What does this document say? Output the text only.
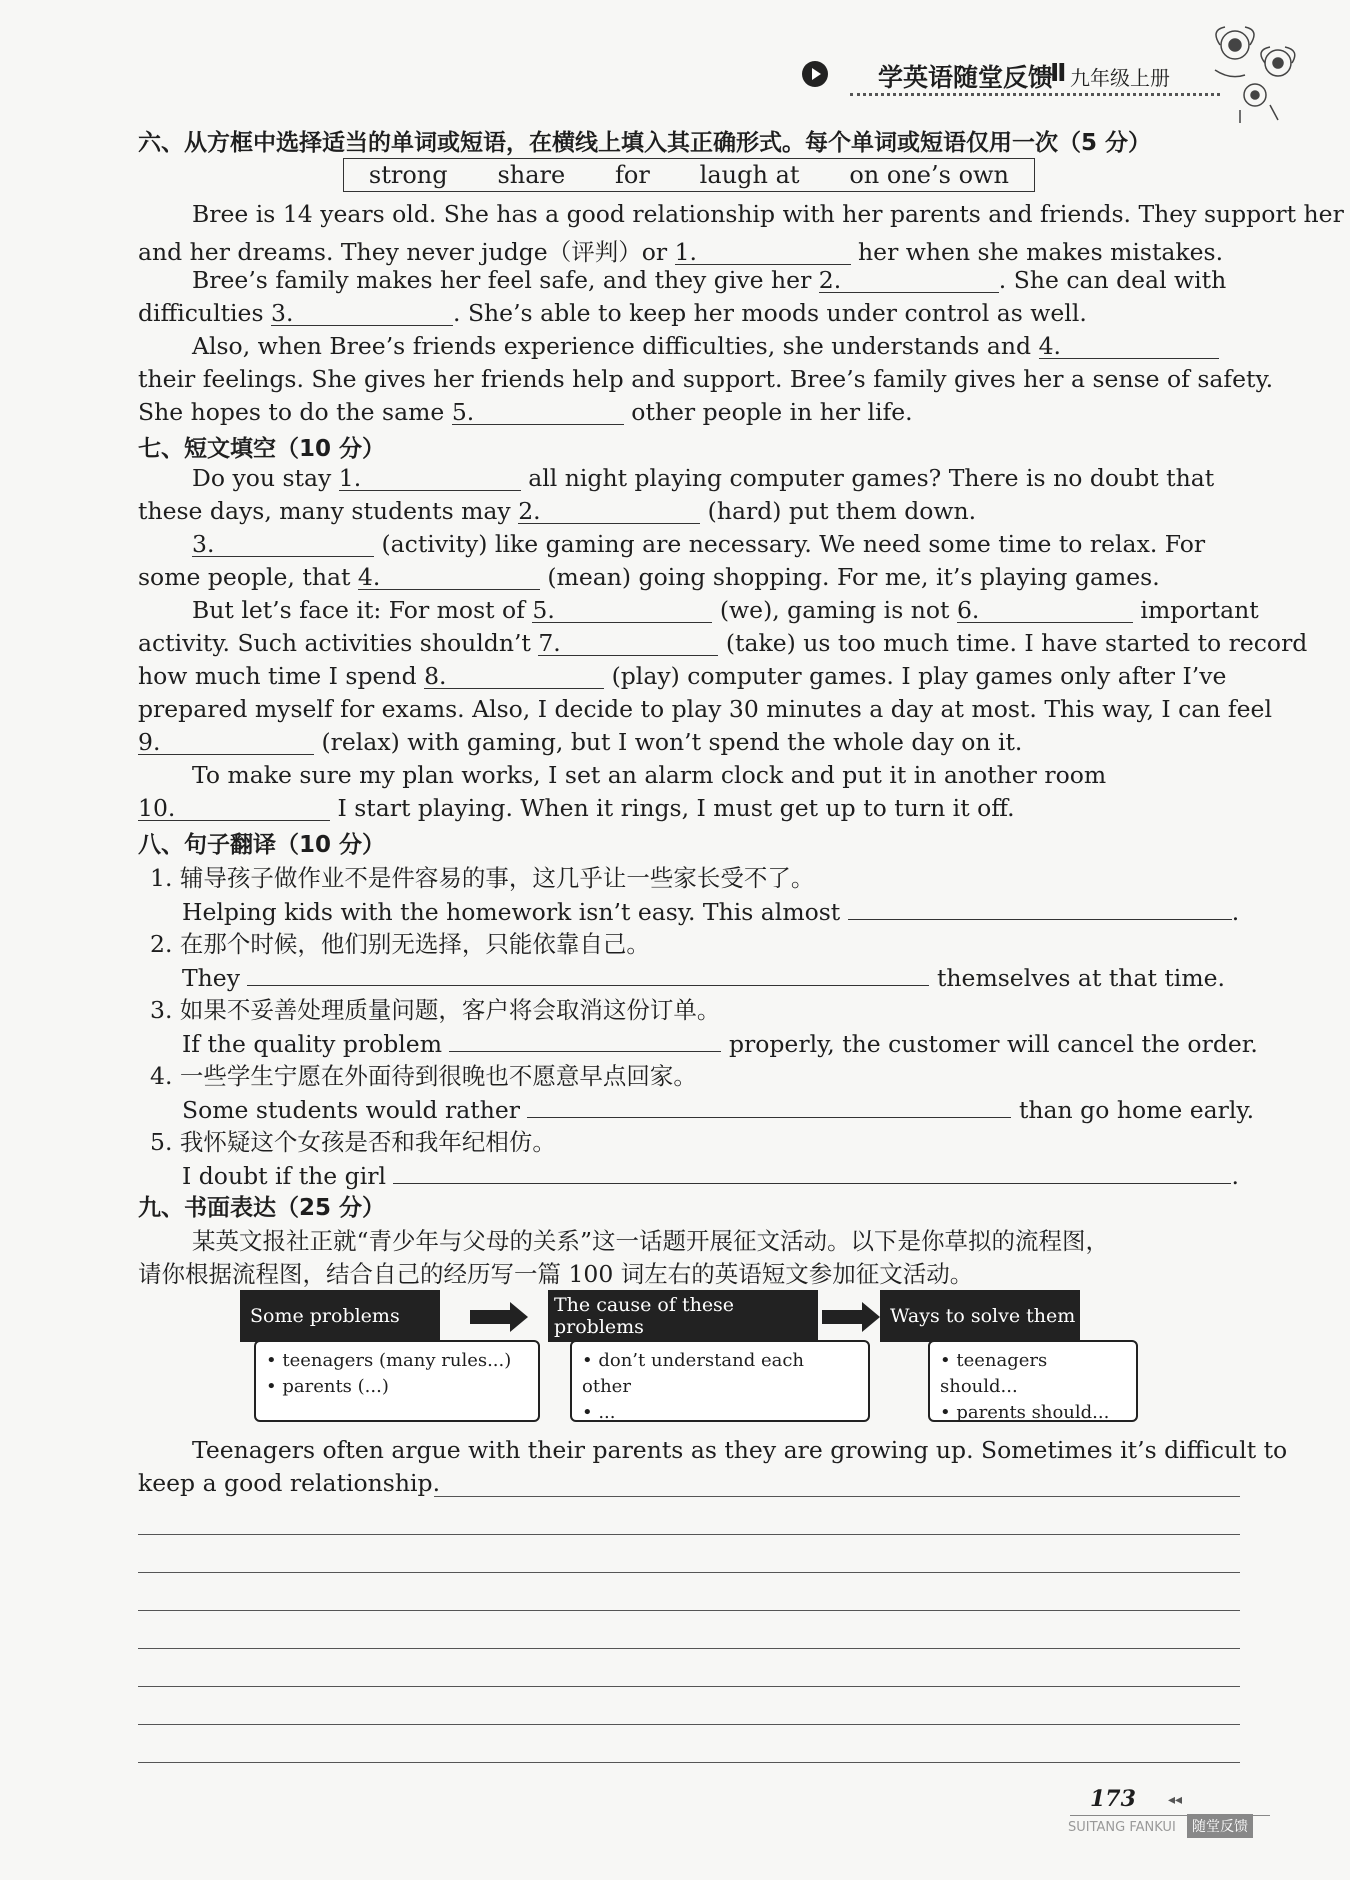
学英语随堂反馈
Ⅱ 九年级上册
六、从方框中选择适当的单词或短语，在横线上填入其正确形式。每个单词或短语仅用一次（5 分）
strong share for laugh at on one’s own
Bree is 14 years old. She has a good relationship with her parents and friends. They support her
and her dreams. They never judge（评判）or 1.	her when she makes mistakes.
Bree’s family makes her feel safe, and they give her 2.	. She can deal with
difficulties 3.	. She’s able to keep her moods under control as well.
Also, when Bree’s friends experience difficulties, she understands and 4.
their feelings. She gives her friends help and support. Bree’s family gives her a sense of safety.
She hopes to do the same 5.	other people in her life.
七、短文填空（10 分）
Do you stay 1.	all night playing computer games? There is no doubt that
these days, many students may 2.	(hard) put them down.
3.	(activity) like gaming are necessary. We need some time to relax. For
some people, that 4.	(mean) going shopping. For me, it’s playing games.
But let’s face it: For most of 5.	(we), gaming is not 6.	important
activity. Such activities shouldn’t 7.	(take) us too much time. I have started to record
how much time I spend 8.	(play) computer games. I play games only after I’ve
prepared myself for exams. Also, I decide to play 30 minutes a day at most. This way, I can feel
9.	(relax) with gaming, but I won’t spend the whole day on it.
To make sure my plan works, I set an alarm clock and put it in another room
10.	I start playing. When it rings, I must get up to turn it off.
八、句子翻译（10 分）
1. 辅导孩子做作业不是件容易的事，这几乎让一些家长受不了。
Helping kids with the homework isn’t easy. This almost	.
2. 在那个时候，他们别无选择，只能依靠自己。
They	themselves at that time.
3. 如果不妥善处理质量问题，客户将会取消这份订单。
If the quality problem	properly, the customer will cancel the order.
4. 一些学生宁愿在外面待到很晚也不愿意早点回家。
Some students would rather	than go home early.
5. 我怀疑这个女孩是否和我年纪相仿。
I doubt if the girl	.
九、书面表达（25 分）
某英文报社正就“青少年与父母的关系”这一话题开展征文活动。以下是你草拟的流程图，
请你根据流程图，结合自己的经历写一篇 100 词左右的英语短文参加征文活动。
Some problems
• teenagers (many rules...)
• parents (...)
The cause of these problems
• don’t understand each other
• ...
Ways to solve them
• teenagers should...
• parents should...
Teenagers often argue with their parents as they are growing up. Sometimes it’s difficult to
keep a good relationship.
173 ◂◂
SUITANG FANKUI	随堂反馈
